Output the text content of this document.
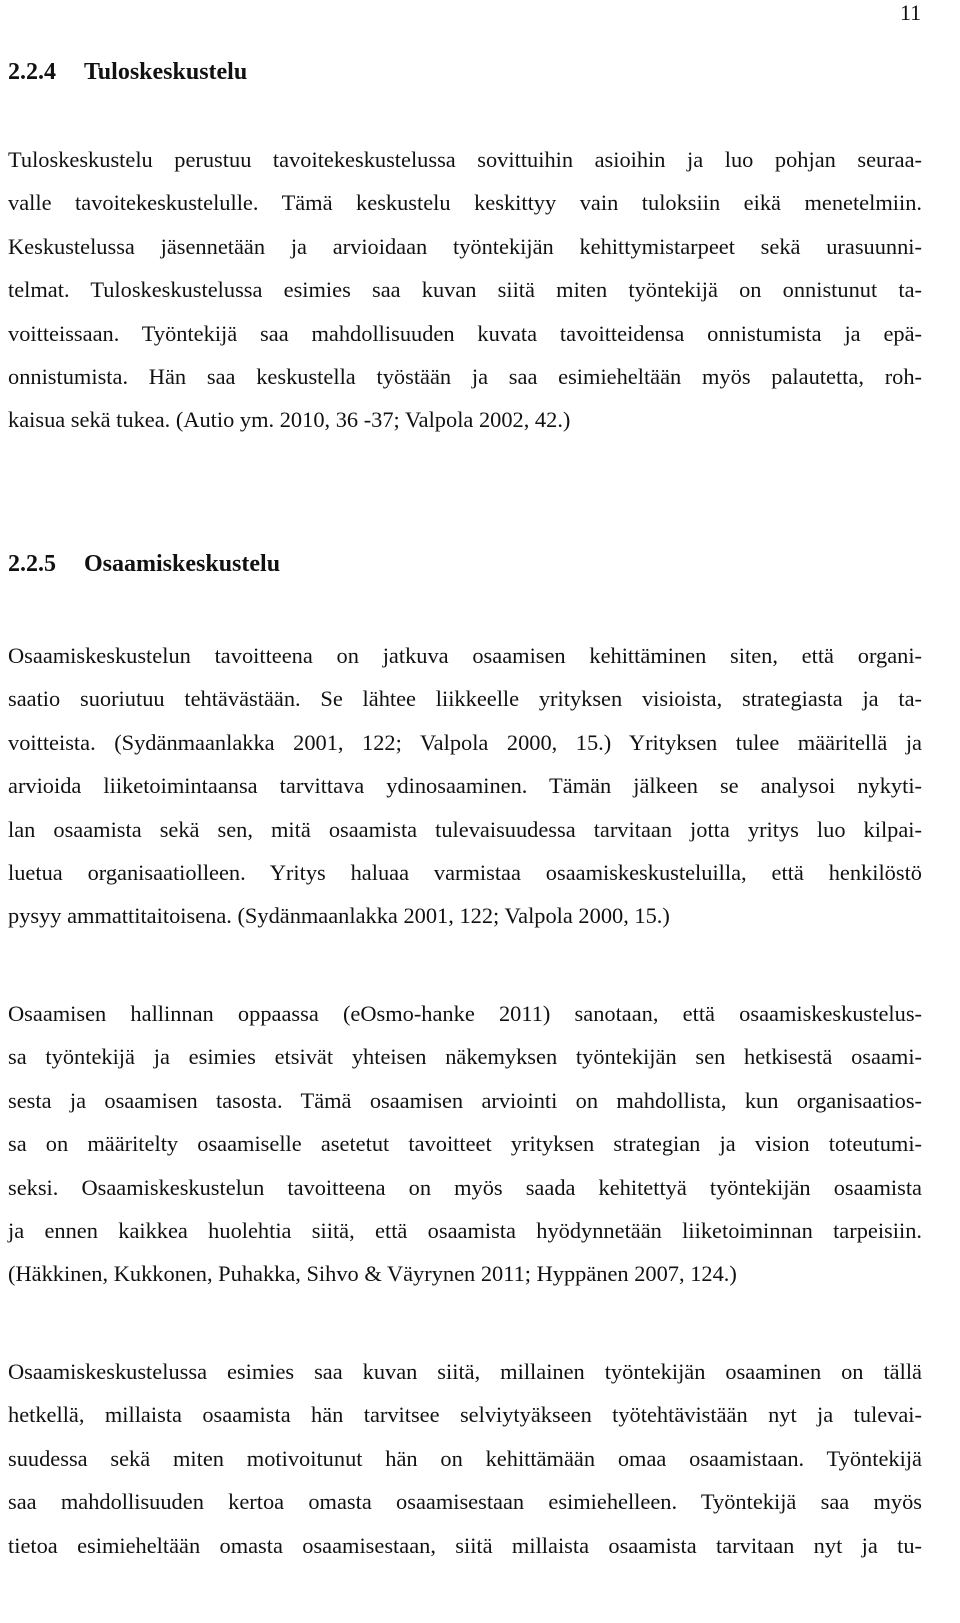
11
2.2.4 Tuloskeskustelu
Tuloskeskustelu perustuu tavoitekeskustelussa sovittuihin asioihin ja luo pohjan seuraa-
valle tavoitekeskustelulle. Tämä keskustelu keskittyy vain tuloksiin eikä menetelmiin.
Keskustelussa jäsennetään ja arvioidaan työntekijän kehittymistarpeet sekä urasuunni-
telmat. Tuloskeskustelussa esimies saa kuvan siitä miten työntekijä on onnistunut ta-
voitteissaan. Työntekijä saa mahdollisuuden kuvata tavoitteidensa onnistumista ja epä-
onnistumista. Hän saa keskustella työstään ja saa esimieheltään myös palautetta, roh-
kaisua sekä tukea. (Autio ym. 2010, 36 -37; Valpola 2002, 42.)
2.2.5 Osaamiskeskustelu
Osaamiskeskustelun tavoitteena on jatkuva osaamisen kehittäminen siten, että organi-
saatio suoriutuu tehtävästään. Se lähtee liikkeelle yrityksen visioista, strategiasta ja ta-
voitteista. (Sydänmaanlakka 2001, 122; Valpola 2000, 15.) Yrityksen tulee määritellä ja
arvioida liiketoimintaansa tarvittava ydinosaaminen. Tämän jälkeen se analysoi nykyti-
lan osaamista sekä sen, mitä osaamista tulevaisuudessa tarvitaan jotta yritys luo kilpai-
luetua organisaatiolleen. Yritys haluaa varmistaa osaamiskeskusteluilla, että henkilöstö
pysyy ammattitaitoisena. (Sydänmaanlakka 2001, 122; Valpola 2000, 15.)
Osaamisen hallinnan oppaassa (eOsmo-hanke 2011) sanotaan, että osaamiskeskustelus-
sa työntekijä ja esimies etsivät yhteisen näkemyksen työntekijän sen hetkisestä osaami-
sesta ja osaamisen tasosta. Tämä osaamisen arviointi on mahdollista, kun organisaatios-
sa on määritelty osaamiselle asetetut tavoitteet yrityksen strategian ja vision toteutumi-
seksi. Osaamiskeskustelun tavoitteena on myös saada kehitettyä työntekijän osaamista
ja ennen kaikkea huolehtia siitä, että osaamista hyödynnetään liiketoiminnan tarpeisiin.
(Häkkinen, Kukkonen, Puhakka, Sihvo & Väyrynen 2011; Hyppänen 2007, 124.)
Osaamiskeskustelussa esimies saa kuvan siitä, millainen työntekijän osaaminen on tällä
hetkellä, millaista osaamista hän tarvitsee selviytyäkseen työtehtävistään nyt ja tulevai-
suudessa sekä miten motivoitunut hän on kehittämään omaa osaamistaan. Työntekijä
saa mahdollisuuden kertoa omasta osaamisestaan esimiehelleen. Työntekijä saa myös
tietoa esimieheltään omasta osaamisestaan, siitä millaista osaamista tarvitaan nyt ja tu-
